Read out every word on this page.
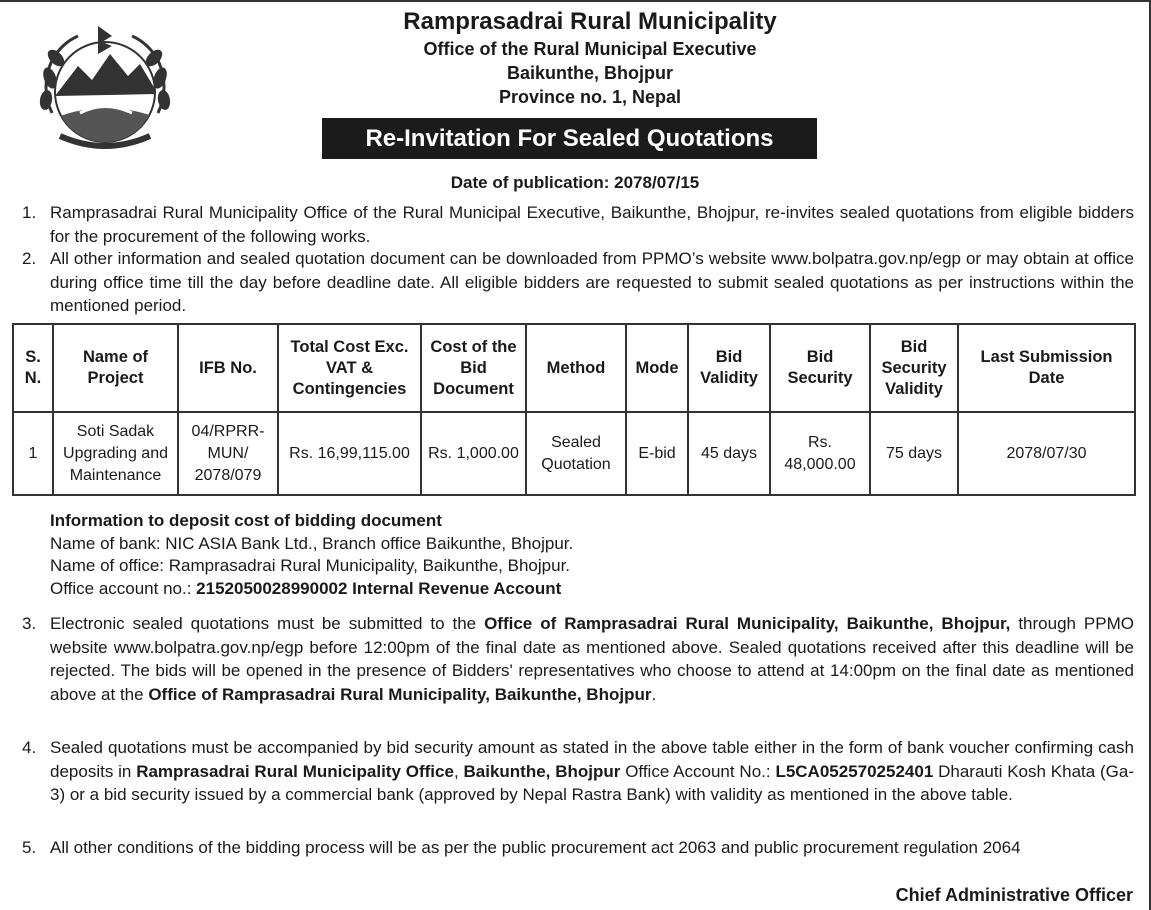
Ramprasadrai Rural Municipality
Office of the Rural Municipal Executive
Baikunthe, Bhojpur
Province no. 1, Nepal
Re-Invitation For Sealed Quotations
Date of publication: 2078/07/15
1. Ramprasadrai Rural Municipality Office of the Rural Municipal Executive, Baikunthe, Bhojpur, re-invites sealed quotations from eligible bidders for the procurement of the following works.
2. All other information and sealed quotation document can be downloaded from PPMO’s website www.bolpatra.gov.np/egp or may obtain at office during office time till the day before deadline date. All eligible bidders are requested to submit sealed quotations as per instructions within the mentioned period.
S. N.	Name of Project	IFB No.	Total Cost Exc. VAT & Contingencies	Cost of the Bid Document	Method	Mode	Bid Validity	Bid Security	Bid Security Validity	Last Submission Date
1	Soti Sadak Upgrading and Maintenance	04/RPRR-MUN/ 2078/079	Rs. 16,99,115.00	Rs. 1,000.00	Sealed Quotation	E-bid	45 days	Rs. 48,000.00	75 days	2078/07/30
Information to deposit cost of bidding document
Name of bank: NIC ASIA Bank Ltd., Branch office Baikunthe, Bhojpur.
Name of office: Ramprasadrai Rural Municipality, Baikunthe, Bhojpur.
Office account no.: 2152050028990002 Internal Revenue Account
3. Electronic sealed quotations must be submitted to the Office of Ramprasadrai Rural Municipality, Baikunthe, Bhojpur, through PPMO website www.bolpatra.gov.np/egp before 12:00pm of the final date as mentioned above. Sealed quotations received after this deadline will be rejected. The bids will be opened in the presence of Bidders' representatives who choose to attend at 14:00pm on the final date as mentioned above at the Office of Ramprasadrai Rural Municipality, Baikunthe, Bhojpur.
4. Sealed quotations must be accompanied by bid security amount as stated in the above table either in the form of bank voucher confirming cash deposits in Ramprasadrai Rural Municipality Office, Baikunthe, Bhojpur Office Account No.: L5CA052570252401 Dharauti Kosh Khata (Ga-3) or a bid security issued by a commercial bank (approved by Nepal Rastra Bank) with validity as mentioned in the above table.
5. All other conditions of the bidding process will be as per the public procurement act 2063 and public procurement regulation 2064
Chief Administrative Officer
